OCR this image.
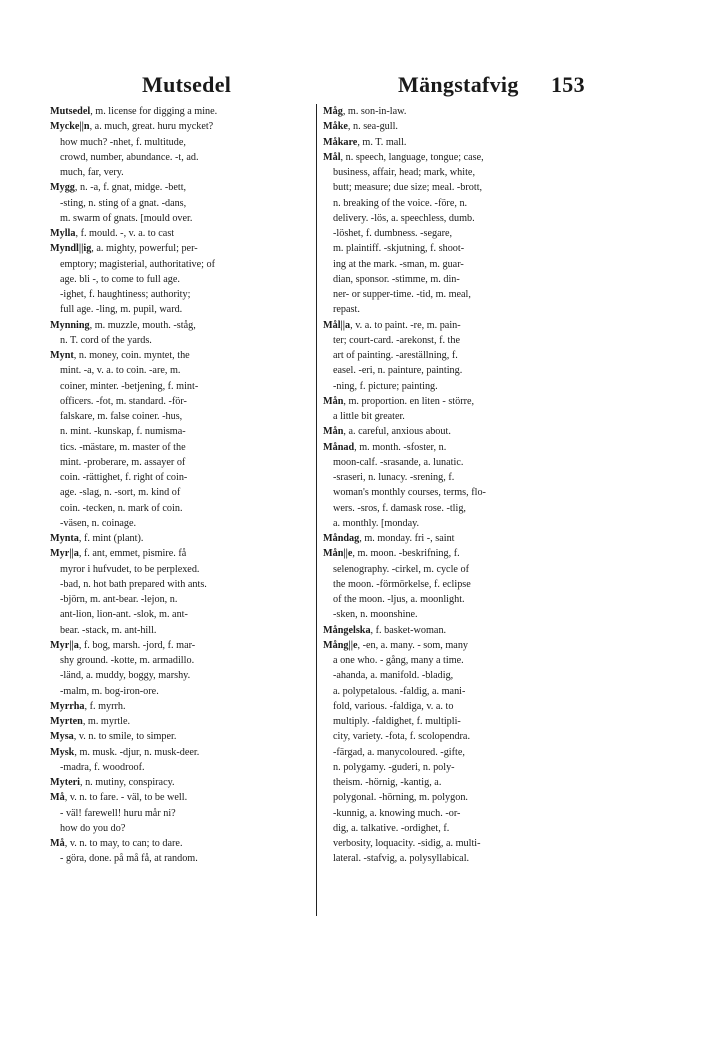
Mutsedel	Mängstafvig 153
Mutsedel, m. license for digging a mine.
Mycke||n, a. much, great. huru mycket?
how much? -nhet, f. multitude,
crowd, number, abundance. -t, ad.
much, far, very.
Mygg, n. -a, f. gnat, midge. -bett,
-sting, n. sting of a gnat. -dans,
m. swarm of gnats. [mould over.
Mylla, f. mould. -, v. a. to cast
Myndl||ig, a. mighty, powerful; per-
emptory; magisterial, authoritative; of
age. bli -, to come to full age.
-ighet, f. haughtiness; authority;
full age. -ling, m. pupil, ward.
Mynning, m. muzzle, mouth. -ståg,
n. T. cord of the yards.
Mynt, n. money, coin. myntet, the
mint. -a, v. a. to coin. -are, m.
coiner, minter. -betjening, f. mint-
officers. -fot, m. standard. -för-
falskare, m. false coiner. -hus,
n. mint. -kunskap, f. numisma-
tics. -mästare, m. master of the
mint. -proberare, m. assayer of
coin. -rättighet, f. right of coin-
age. -slag, n. -sort, m. kind of
coin. -tecken, n. mark of coin.
-väsen, n. coinage.
Mynta, f. mint (plant).
Myr||a, f. ant, emmet, pismire. få
myror i hufvudet, to be perplexed.
-bad, n. hot bath prepared with ants.
-björn, m. ant-bear. -lejon, n.
ant-lion, lion-ant. -slok, m. ant-
bear. -stack, m. ant-hill.
Myr||a, f. bog, marsh. -jord, f. mar-
shy ground. -kotte, m. armadillo.
-länd, a. muddy, boggy, marshy.
-malm, m. bog-iron-ore.
Myrrha, f. myrrh.
Myrten, m. myrtle.
Mysa, v. n. to smile, to simper.
Mysk, m. musk. -djur, n. musk-deer.
-madra, f. woodroof.
Myteri, n. mutiny, conspiracy.
Må, v. n. to fare. - väl, to be well.
- väl! farewell! huru mår ni?
how do you do?
Må, v. n. to may, to can; to dare.
- göra, done. på må få, at random.
Måg, m. son-in-law.
Måke, n. sea-gull.
Måkare, m. T. mall.
Mål, n. speech, language, tongue; case,
business, affair, head; mark, white,
butt; measure; due size; meal. -brott,
n. breaking of the voice. -före, n.
delivery. -lös, a. speechless, dumb.
-löshet, f. dumbness. -segare,
m. plaintiff. -skjutning, f. shoot-
ing at the mark. -sman, m. guar-
dian, sponsor. -stimme, m. din-
ner- or supper-time. -tid, m. meal,
repast.
Mål||a, v. a. to paint. -re, m. pain-
ter; court-card. -arekonst, f. the
art of painting. -areställning, f.
easel. -eri, n. painture, painting.
-ning, f. picture; painting.
Mån, m. proportion. en liten - större,
a little bit greater.
Mån, a. careful, anxious about.
Månad, m. month. -sfoster, n.
moon-calf. -srasande, a. lunatic.
-sraseri, n. lunacy. -srening, f.
woman's monthly courses, terms, flo-
wers. -sros, f. damask rose. -tlig,
a. monthly. [monday.
Måndag, m. monday. fri -, saint
Mån||e, m. moon. -beskrifning, f.
selenography. -cirkel, m. cycle of
the moon. -förmörkelse, f. eclipse
of the moon. -ljus, a. moonlight.
-sken, n. moonshine.
Mångelska, f. basket-woman.
Mång||e, -en, a. many. - som, many
a one who. - gång, many a time.
-ahanda, a. manifold. -bladig,
a. polypetalous. -faldig, a. mani-
fold, various. -faldiga, v. a. to
multiply. -faldighet, f. multipli-
city, variety. -fota, f. scolopendra.
-färgad, a. manycoloured. -gifte,
n. polygamy. -guderi, n. poly-
theism. -hörnig, -kantig, a.
polygonal. -hörning, m. polygon.
-kunnig, a. knowing much. -or-
dig, a. talkative. -ordighet, f.
verbosity, loquacity. -sidig, a. multi-
lateral. -stafvig, a. polysyllabical.
